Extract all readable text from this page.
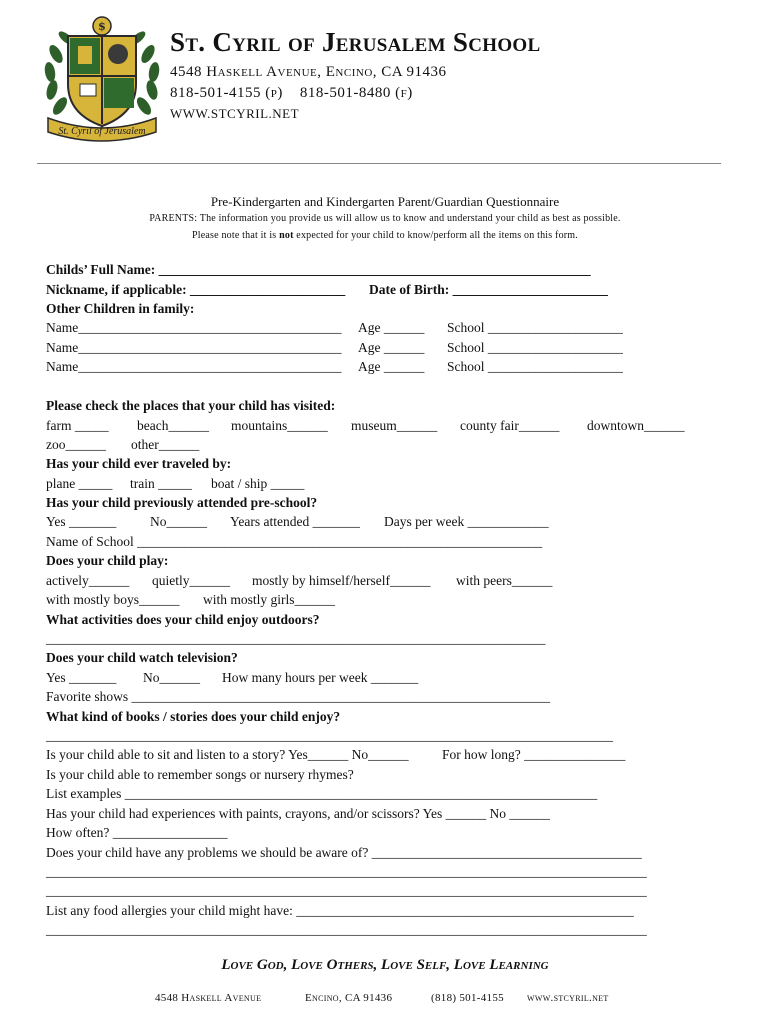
$
St. Cyril of Jerusalem
St. Cyril of Jerusalem School
4548 Haskell Avenue, Encino, CA 91436
818-501-4155 (p)    818-501-8480 (f)
WWW.STCYRIL.NET
Pre-Kindergarten and Kindergarten Parent/Guardian Questionnaire
PARENTS: The information you provide us will allow us to know and understand your child as best as possible.
Please note that it is not expected for your child to know/perform all the items on this form.
Childs’ Full Name: ________________________________________________________________
Nickname, if applicable: _______________________ Date of Birth: _______________________
Other Children in family:
Name_______________________________________ Age ______ School ____________________
Name_______________________________________ Age ______ School ____________________
Name_______________________________________ Age ______ School ____________________
Please check the places that your child has visited:
farm _____ beach______ mountains______ museum______ county fair______ downtown______
zoo______ other______
Has your child ever traveled by:
plane _____ train _____ boat / ship _____
Has your child previously attended pre-school?
Yes _______ No______ Years attended _______ Days per week ____________
Name of School ____________________________________________________________
Does your child play:
actively______ quietly______ mostly by himself/herself______ with peers______
with mostly boys______ with mostly girls______
What activities does your child enjoy outdoors?
__________________________________________________________________________
Does your child watch television?
Yes _______ No______ How many hours per week _______
Favorite shows ______________________________________________________________
What kind of books / stories does your child enjoy?
____________________________________________________________________________________
Is your child able to sit and listen to a story? Yes______ No______ For how long? _______________
Is your child able to remember songs or nursery rhymes?
List examples ______________________________________________________________________
Has your child had experiences with paints, crayons, and/or scissors? Yes ______ No ______
How often? _________________
Does your child have any problems we should be aware of? ________________________________________
_________________________________________________________________________________________
_________________________________________________________________________________________
List any food allergies your child might have: __________________________________________________
_________________________________________________________________________________________
Love God, Love Others, Love Self, Love Learning
4548 Haskell Avenue	Encino, CA 91436	(818) 501-4155 www.stcyril.net
